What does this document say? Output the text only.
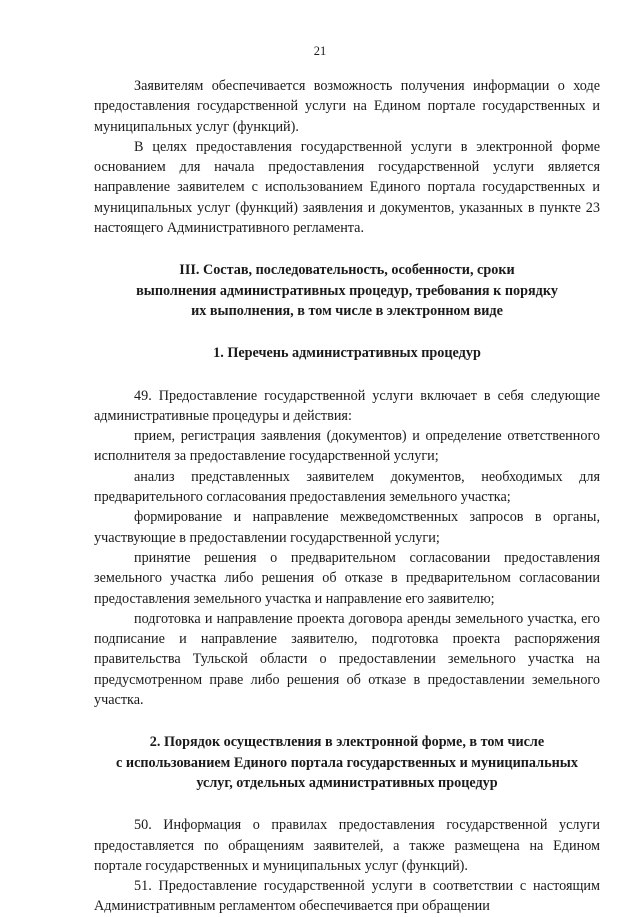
21

Заявителям обеспечивается возможность получения информации о ходе предоставления государственной услуги на Едином портале государственных и муниципальных услуг (функций).

В целях предоставления государственной услуги в электронной форме основанием для начала предоставления государственной услуги является направление заявителем с использованием Единого портала государственных и муниципальных услуг (функций) заявления и документов, указанных в пункте 23 настоящего Административного регламента.

III. Состав, последовательность, особенности, сроки
выполнения административных процедур, требования к порядку
их выполнения, в том числе в электронном виде
1. Перечень административных процедур

49. Предоставление государственной услуги включает в себя следующие административные процедуры и действия:

прием, регистрация заявления (документов) и определение ответственного исполнителя за предоставление государственной услуги;

анализ представленных заявителем документов, необходимых для предварительного согласования предоставления земельного участка;

формирование и направление межведомственных запросов в органы, участвующие в предоставлении государственной услуги;

принятие решения о предварительном согласовании предоставления земельного участка либо решения об отказе в предварительном согласовании предоставления земельного участка и направление его заявителю;

подготовка и направление проекта договора аренды земельного участка, его подписание и направление заявителю, подготовка проекта распоряжения правительства Тульской области о предоставлении земельного участка на предусмотренном праве либо решения об отказе в предоставлении земельного участка.

2. Порядок осуществления в электронной форме, в том числе
с использованием Единого портала государственных и муниципальных
услуг, отдельных административных процедур

50. Информация о правилах предоставления государственной услуги предоставляется по обращениям заявителей, а также размещена на Едином портале государственных и муниципальных услуг (функций).

51. Предоставление государственной услуги в соответствии с настоящим Административным регламентом обеспечивается при обращении
